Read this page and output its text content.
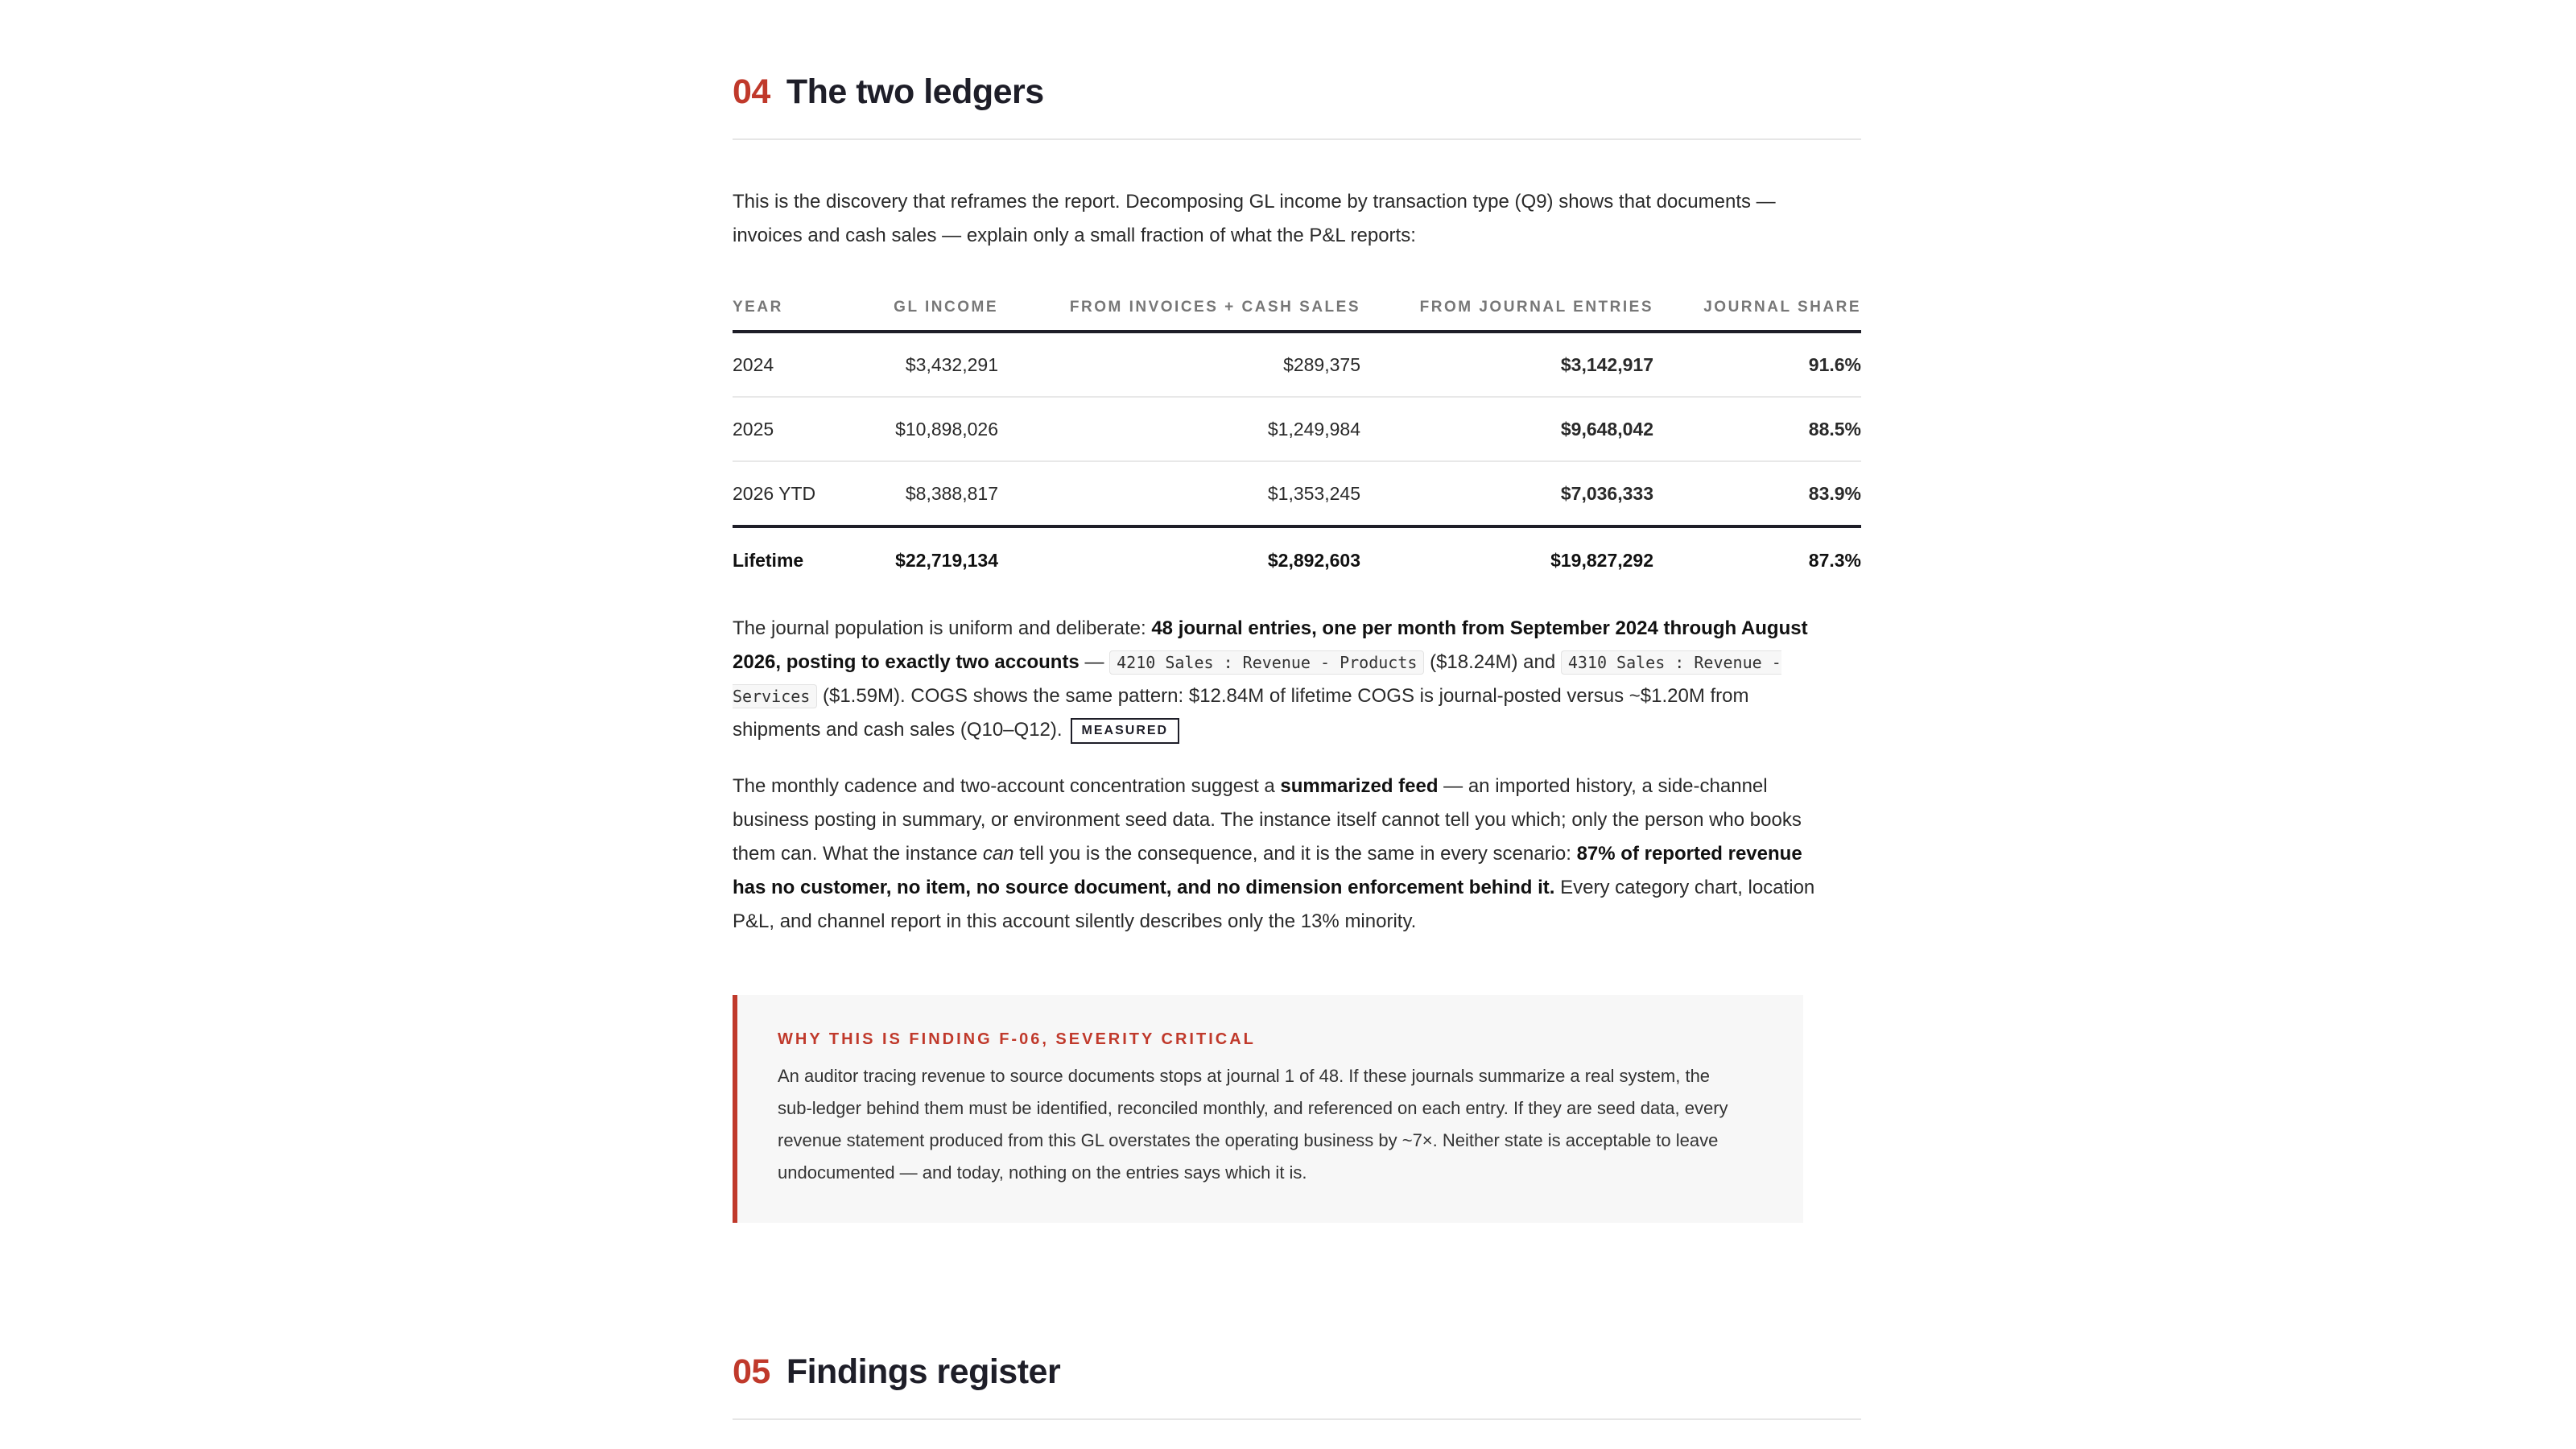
04 The two ledgers

This is the discovery that reframes the report. Decomposing GL income by transaction type (Q9) shows that documents — invoices and cash sales — explain only a small fraction of what the P&L reports:

YEAR	GL INCOME	FROM INVOICES + CASH SALES	FROM JOURNAL ENTRIES	JOURNAL SHARE
2024	$3,432,291	$289,375	$3,142,917	91.6%
2025	$10,898,026	$1,249,984	$9,648,042	88.5%
2026 YTD	$8,388,817	$1,353,245	$7,036,333	83.9%
Lifetime	$22,719,134	$2,892,603	$19,827,292	87.3%

The journal population is uniform and deliberate: 48 journal entries, one per month from September 2024 through August 2026, posting to exactly two accounts — 4210 Sales : Revenue - Products ($18.24M) and 4310 Sales : Revenue - Services ($1.59M). COGS shows the same pattern: $12.84M of lifetime COGS is journal-posted versus ~$1.20M from shipments and cash sales (Q10–Q12). MEASURED

The monthly cadence and two-account concentration suggest a summarized feed — an imported history, a side-channel business posting in summary, or environment seed data. The instance itself cannot tell you which; only the person who books them can. What the instance can tell you is the consequence, and it is the same in every scenario: 87% of reported revenue has no customer, no item, no source document, and no dimension enforcement behind it. Every category chart, location P&L, and channel report in this account silently describes only the 13% minority.

WHY THIS IS FINDING F-06, SEVERITY CRITICAL

An auditor tracing revenue to source documents stops at journal 1 of 48. If these journals summarize a real system, the sub-ledger behind them must be identified, reconciled monthly, and referenced on each entry. If they are seed data, every revenue statement produced from this GL overstates the operating business by ~7×. Neither state is acceptable to leave undocumented — and today, nothing on the entries says which it is.

05 Findings register
